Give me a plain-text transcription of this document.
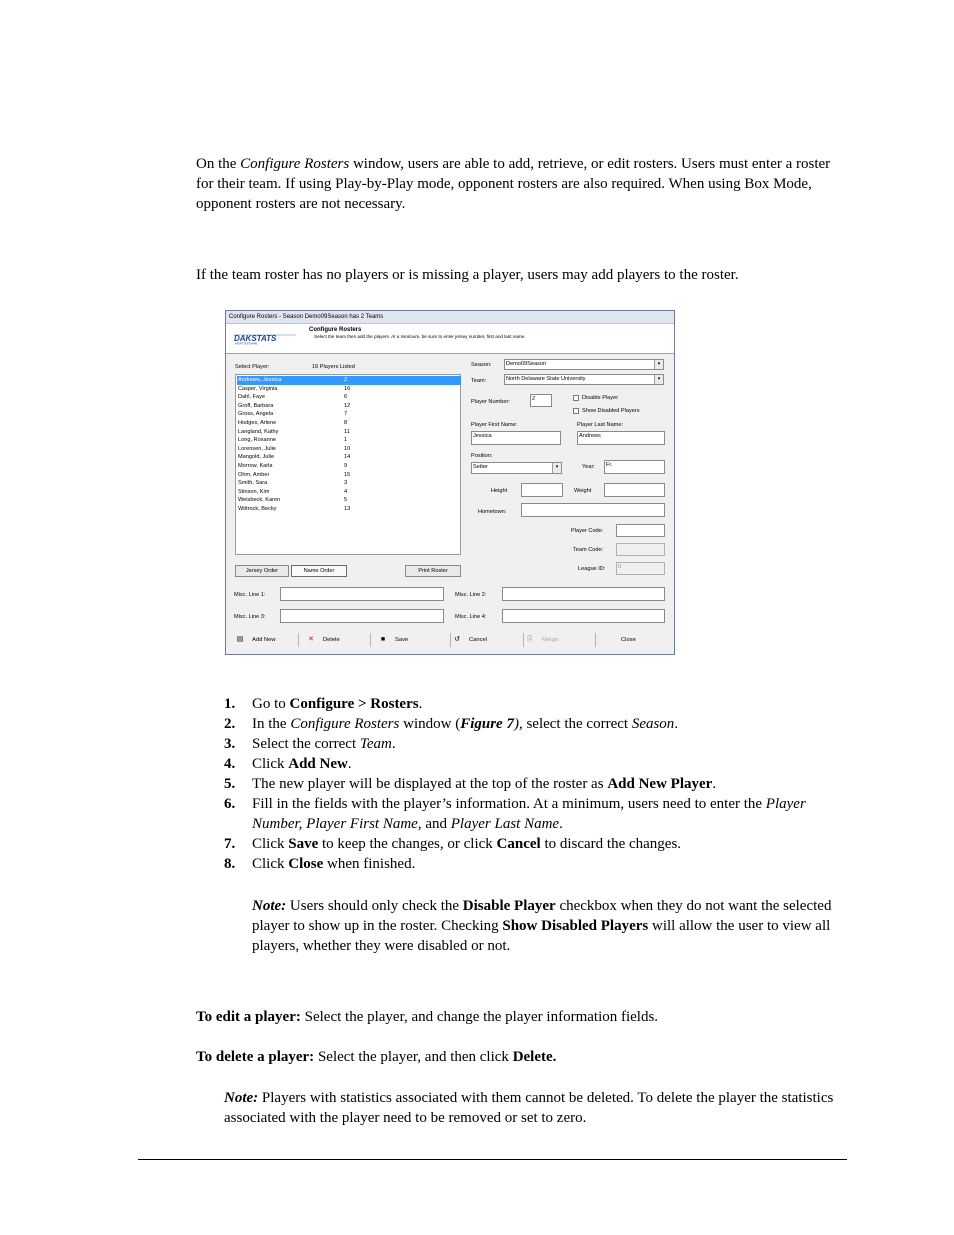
On the Configure Rosters window, users are able to add, retrieve, or edit rosters. Users must enter a roster for their team. If using Play-by-Play mode, opponent rosters are also required. When using Box Mode, opponent rosters are not necessary.
If the team roster has no players or is missing a player, users may add players to the roster.
Configure Rosters - Season Demo09Season has 2 Teams
DAKSTATS
SPORT SOFTWARE
Configure Rosters
Select the team then add the players. At a minimum, be sure to enter jersey number, first and last name.
Select Player:	16 Players Listed
Andrews, Jessica	2
Casper, Virginia	16
Dahl, Faye	6
Groff, Barbara	12
Gross, Angela	7
Hodges, Arlene	8
Langland, Kathy	11
Long, Roxanne	1
Lorensen, Julie	10
Mangold, Julie	14
Morrow, Karla	9
Ohm, Amber	15
Smith, Sara	3
Stinson, Kim	4
Weisbeck, Karen	5
Wittrock, Becky	13
Jersey Order	Name Order	Print Roster
Season:	Demo09Season	▾
Team:	North Delaware State University	▾
Player Number:	2	Disable Player
Show Disabled Players
Player First Name:
Jessica
Player Last Name:
Andrews
Position:
Setter	▾	Year:	Fr.
Height	Weight
Hometown:
Player Code:
Team Code:
League ID:	0
Misc. Line 1:	Misc. Line 2:
Misc. Line 3:	Misc. Line 4:
▤ Add New	✕ Delete	■ Save	↺ Cancel	⎘ Merge	Close
1. Go to Configure > Rosters.
2. In the Configure Rosters window (Figure 7), select the correct Season.
3. Select the correct Team.
4. Click Add New.
5. The new player will be displayed at the top of the roster as Add New Player.
6. Fill in the fields with the player’s information. At a minimum, users need to enter the Player Number, Player First Name, and Player Last Name.
7. Click Save to keep the changes, or click Cancel to discard the changes.
8. Click Close when finished.
Note: Users should only check the Disable Player checkbox when they do not want the selected player to show up in the roster. Checking Show Disabled Players will allow the user to view all players, whether they were disabled or not.
To edit a player: Select the player, and change the player information fields.
To delete a player: Select the player, and then click Delete.
Note: Players with statistics associated with them cannot be deleted. To delete the player the statistics associated with the player need to be removed or set to zero.
